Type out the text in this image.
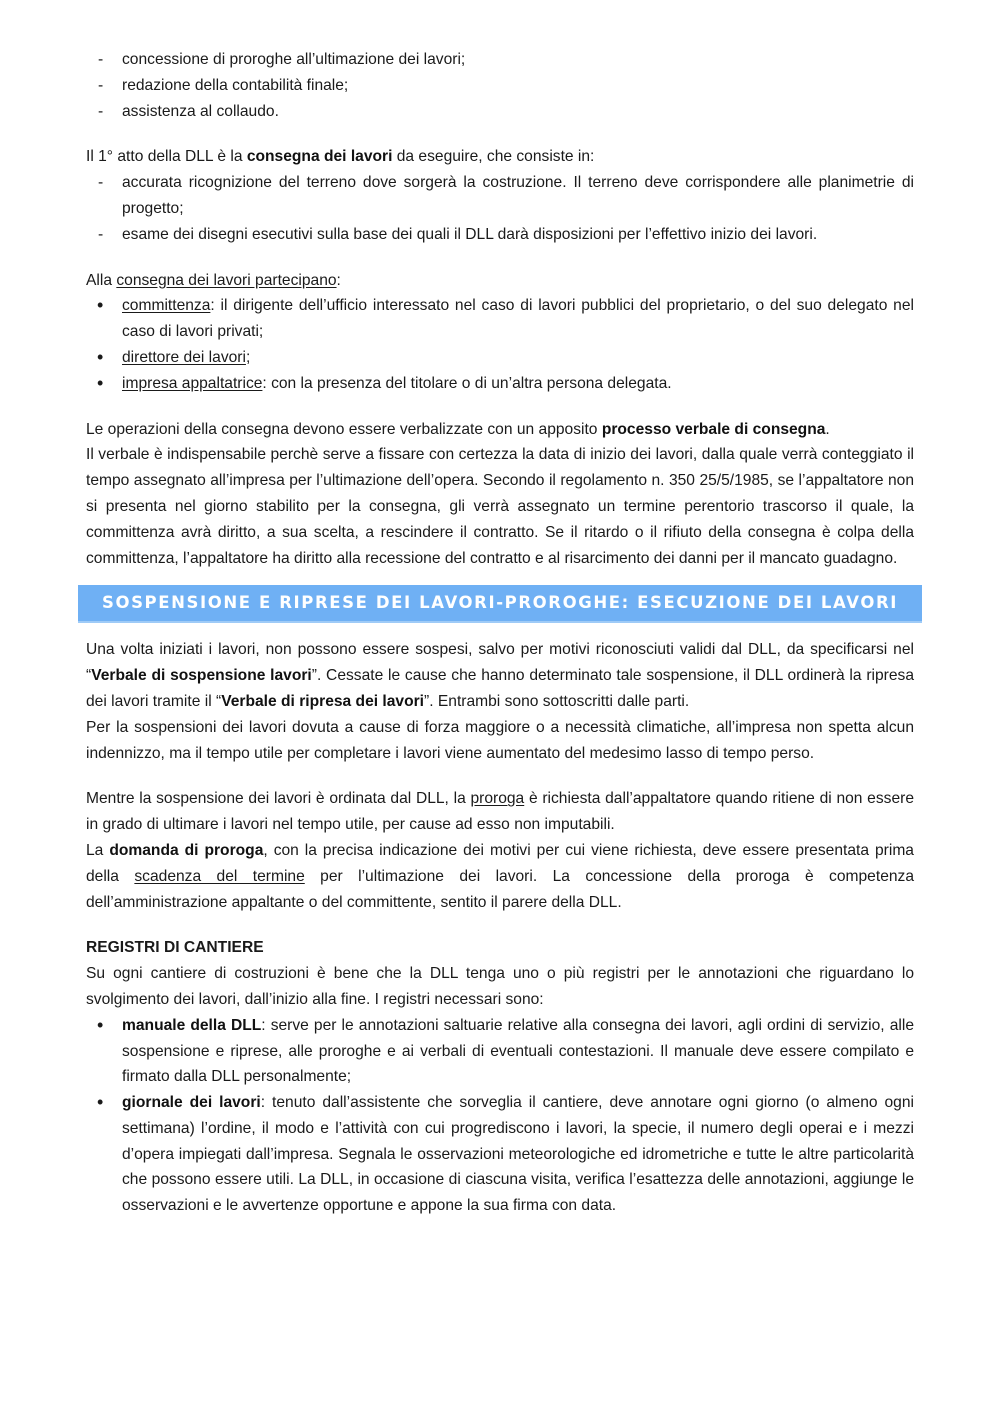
- concessione di proroghe all’ultimazione dei lavori;
- redazione della contabilità finale;
- assistenza al collaudo.

Il 1° atto della DLL è la consegna dei lavori da eseguire, che consiste in:

- accurata ricognizione del terreno dove sorgerà la costruzione. Il terreno deve corrispondere alle planimetrie di progetto;
- esame dei disegni esecutivi sulla base dei quali il DLL darà disposizioni per l’effettivo inizio dei lavori.

Alla consegna dei lavori partecipano:

• committenza: il dirigente dell’ufficio interessato nel caso di lavori pubblici del proprietario, o del suo delegato nel caso di lavori privati;
• direttore dei lavori;
• impresa appaltatrice: con la presenza del titolare o di un’altra persona delegata.

Le operazioni della consegna devono essere verbalizzate con un apposito processo verbale di consegna.

Il verbale è indispensabile perchè serve a fissare con certezza la data di inizio dei lavori, dalla quale verrà conteggiato il tempo assegnato all’impresa per l’ultimazione dell’opera. Secondo il regolamento n. 350 25/5/1985, se l’appaltatore non si presenta nel giorno stabilito per la consegna, gli verrà assegnato un termine perentorio trascorso il quale, la committenza avrà diritto, a sua scelta, a rescindere il contratto. Se il ritardo o il rifiuto della consegna è colpa della committenza, l’appaltatore ha diritto alla recessione del contratto e al risarcimento dei danni per il mancato guadagno.

SOSPENSIONE E RIPRESE DEI LAVORI-PROROGHE: ESECUZIONE DEI LAVORI

Una volta iniziati i lavori, non possono essere sospesi, salvo per motivi riconosciuti validi dal DLL, da specificarsi nel “Verbale di sospensione lavori”. Cessate le cause che hanno determinato tale sospensione, il DLL ordinerà la ripresa dei lavori tramite il “Verbale di ripresa dei lavori”. Entrambi sono sottoscritti dalle parti.

Per la sospensioni dei lavori dovuta a cause di forza maggiore o a necessità climatiche, all’impresa non spetta alcun indennizzo, ma il tempo utile per completare i lavori viene aumentato del medesimo lasso di tempo perso.

Mentre la sospensione dei lavori è ordinata dal DLL, la proroga è richiesta dall’appaltatore quando ritiene di non essere in grado di ultimare i lavori nel tempo utile, per cause ad esso non imputabili.

La domanda di proroga, con la precisa indicazione dei motivi per cui viene richiesta, deve essere presentata prima della scadenza del termine per l’ultimazione dei lavori. La concessione della proroga è competenza dell’amministrazione appaltante o del committente, sentito il parere della DLL.

REGISTRI DI CANTIERE

Su ogni cantiere di costruzioni è bene che la DLL tenga uno o più registri per le annotazioni che riguardano lo svolgimento dei lavori, dall’inizio alla fine. I registri necessari sono:

• manuale della DLL: serve per le annotazioni saltuarie relative alla consegna dei lavori, agli ordini di servizio, alle sospensione e riprese, alle proroghe e ai verbali di eventuali contestazioni. Il manuale deve essere compilato e firmato dalla DLL personalmente;
• giornale dei lavori: tenuto dall’assistente che sorveglia il cantiere, deve annotare ogni giorno (o almeno ogni settimana) l’ordine, il modo e l’attività con cui progrediscono i lavori, la specie, il numero degli operai e i mezzi d’opera impiegati dall’impresa. Segnala le osservazioni meteorologiche ed idrometriche e tutte le altre particolarità che possono essere utili. La DLL, in occasione di ciascuna visita, verifica l’esattezza delle annotazioni, aggiunge le osservazioni e le avvertenze opportune e appone la sua firma con data.
